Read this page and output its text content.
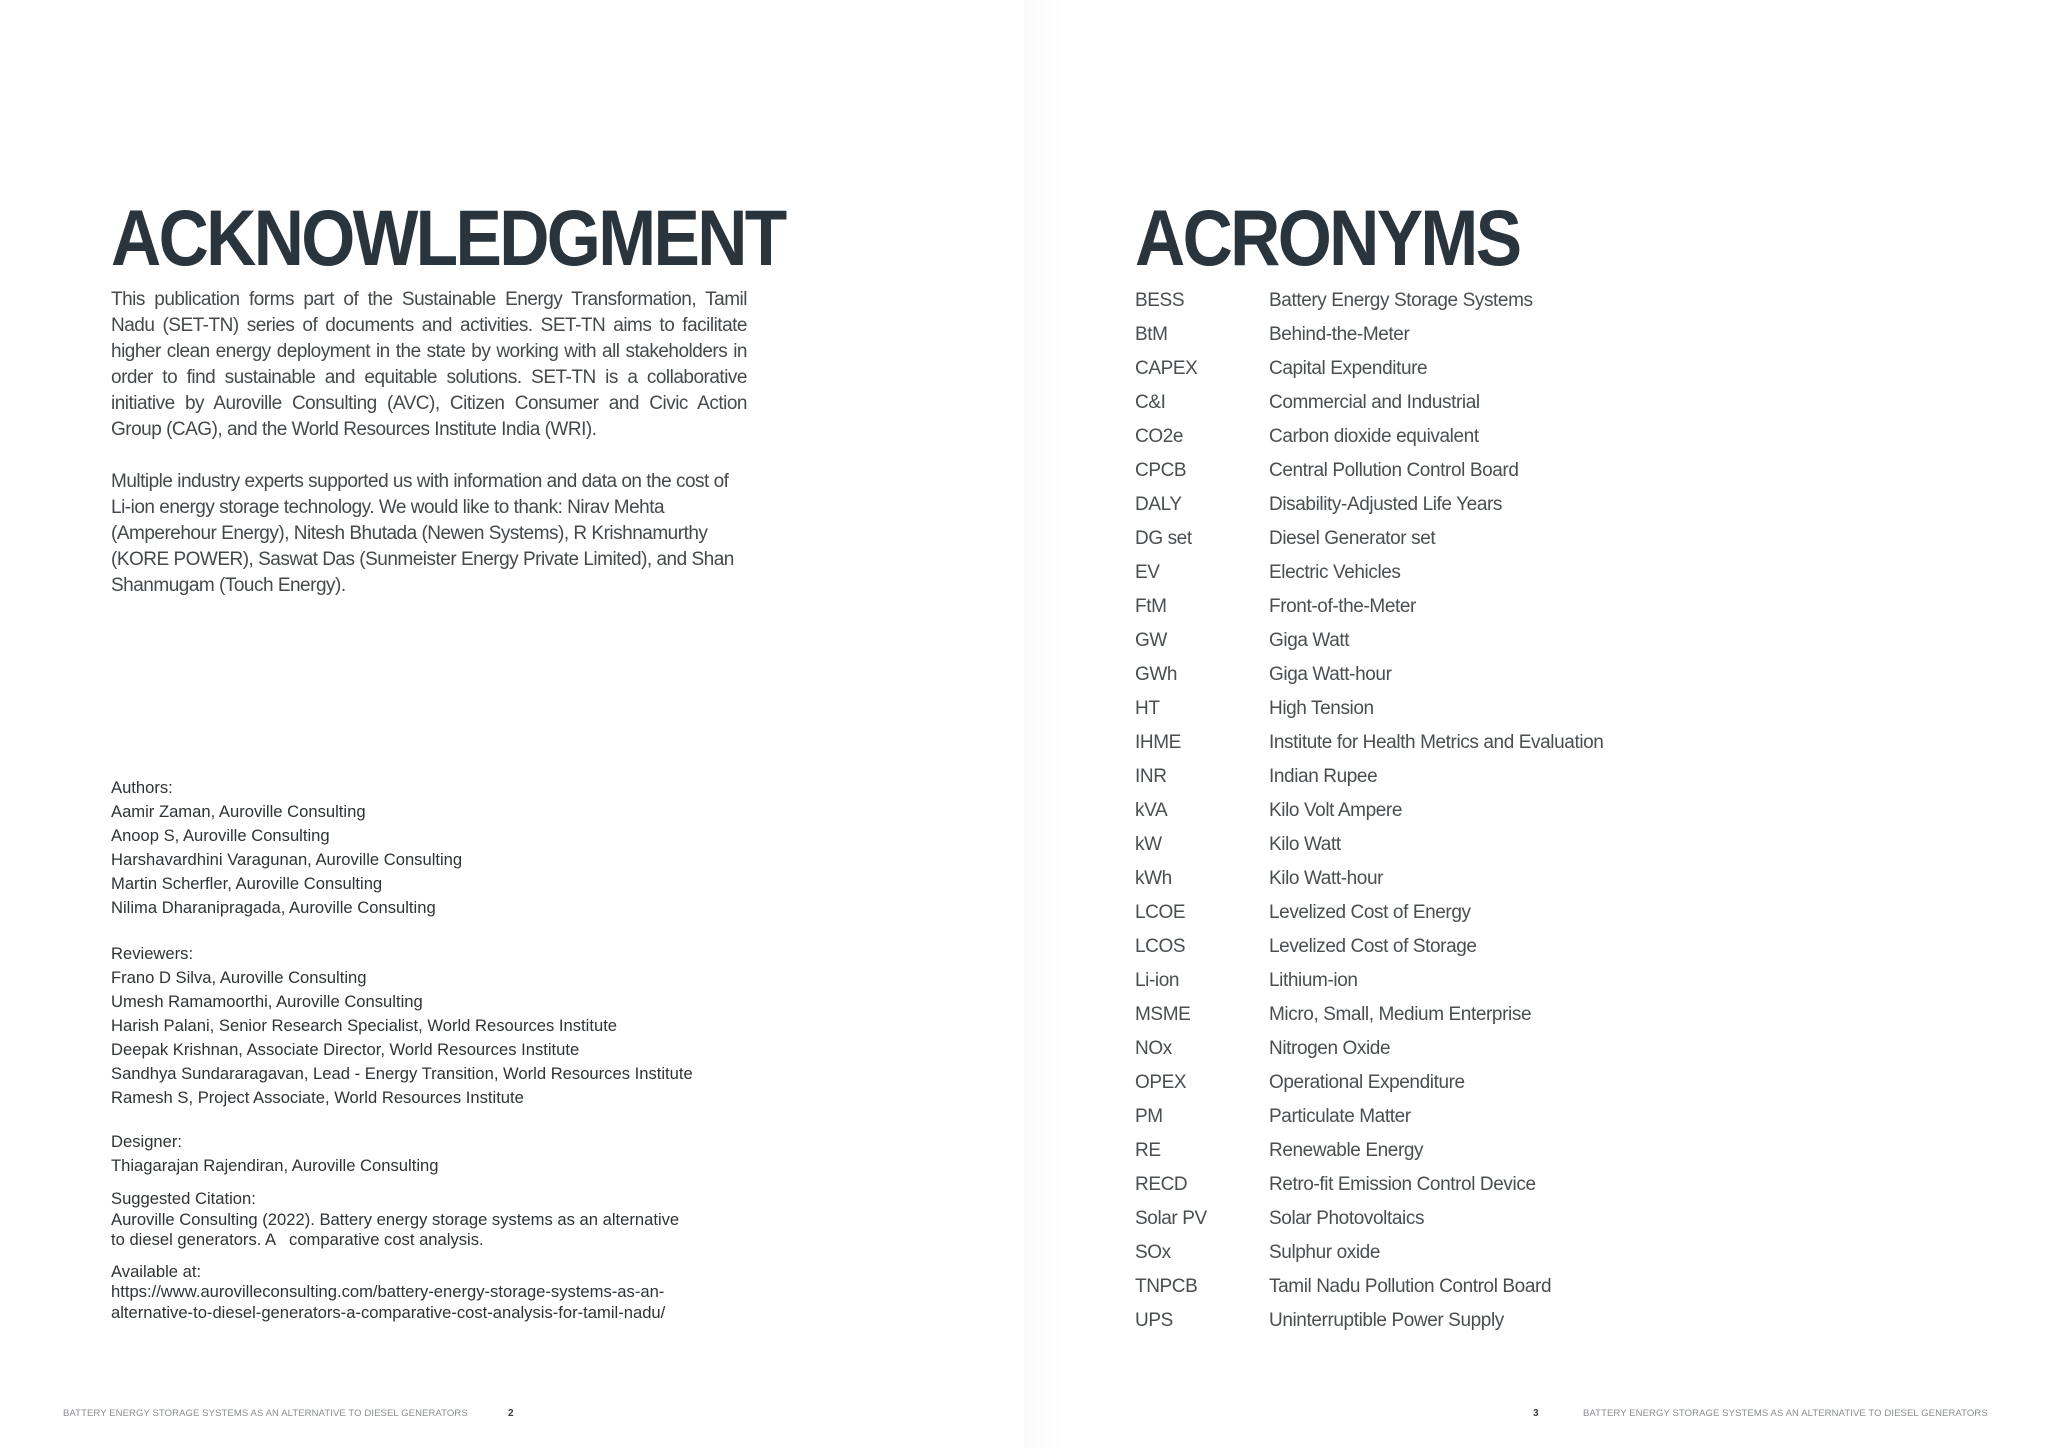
ACKNOWLEDGMENT

This publication forms part of the Sustainable Energy Transformation, Tamil Nadu (SET-TN) series of documents and activities. SET-TN aims to facilitate higher clean energy deployment in the state by working with all stakeholders in order to find sustainable and equitable solutions. SET-TN is a collaborative initiative by Auroville Consulting (AVC), Citizen Consumer and Civic Action Group (CAG), and the World Resources Institute India (WRI).

Multiple industry experts supported us with information and data on the cost of Li-ion energy storage technology. We would like to thank: Nirav Mehta (Amperehour Energy), Nitesh Bhutada (Newen Systems), R Krishnamurthy (KORE POWER), Saswat Das (Sunmeister Energy Private Limited), and Shan Shanmugam (Touch Energy).

Authors:
Aamir Zaman, Auroville Consulting
Anoop S, Auroville Consulting
Harshavardhini Varagunan, Auroville Consulting
Martin Scherfler, Auroville Consulting
Nilima Dharanipragada, Auroville Consulting
Reviewers:
Frano D Silva, Auroville Consulting
Umesh Ramamoorthi, Auroville Consulting
Harish Palani, Senior Research Specialist, World Resources Institute
Deepak Krishnan, Associate Director, World Resources Institute
Sandhya Sundararagavan, Lead - Energy Transition, World Resources Institute
Ramesh S, Project Associate, World Resources Institute
Designer:
Thiagarajan Rajendiran, Auroville Consulting
Suggested Citation:
Auroville Consulting (2022). Battery energy storage systems as an alternative
to diesel generators. A   comparative cost analysis.
Available at:
https://www.aurovilleconsulting.com/battery-energy-storage-systems-as-an-
alternative-to-diesel-generators-a-comparative-cost-analysis-for-tamil-nadu/
BATTERY ENERGY STORAGE SYSTEMS AS AN ALTERNATIVE TO DIESEL GENERATORS	2
ACRONYMS
BESS	Battery Energy Storage Systems
BtM	Behind-the-Meter
CAPEX	Capital Expenditure
C&I	Commercial and Industrial
CO2e	Carbon dioxide equivalent
CPCB	Central Pollution Control Board
DALY	Disability-Adjusted Life Years
DG set	Diesel Generator set
EV	Electric Vehicles
FtM	Front-of-the-Meter
GW	Giga Watt
GWh	Giga Watt-hour
HT	High Tension
IHME	Institute for Health Metrics and Evaluation
INR	Indian Rupee
kVA	Kilo Volt Ampere
kW	Kilo Watt
kWh	Kilo Watt-hour
LCOE	Levelized Cost of Energy
LCOS	Levelized Cost of Storage
Li-ion	Lithium-ion
MSME	Micro, Small, Medium Enterprise
NOx	Nitrogen Oxide
OPEX	Operational Expenditure
PM	Particulate Matter
RE	Renewable Energy
RECD	Retro-fit Emission Control Device
Solar PV	Solar Photovoltaics
SOx	Sulphur oxide
TNPCB	Tamil Nadu Pollution Control Board
UPS	Uninterruptible Power Supply
3	BATTERY ENERGY STORAGE SYSTEMS AS AN ALTERNATIVE TO DIESEL GENERATORS
